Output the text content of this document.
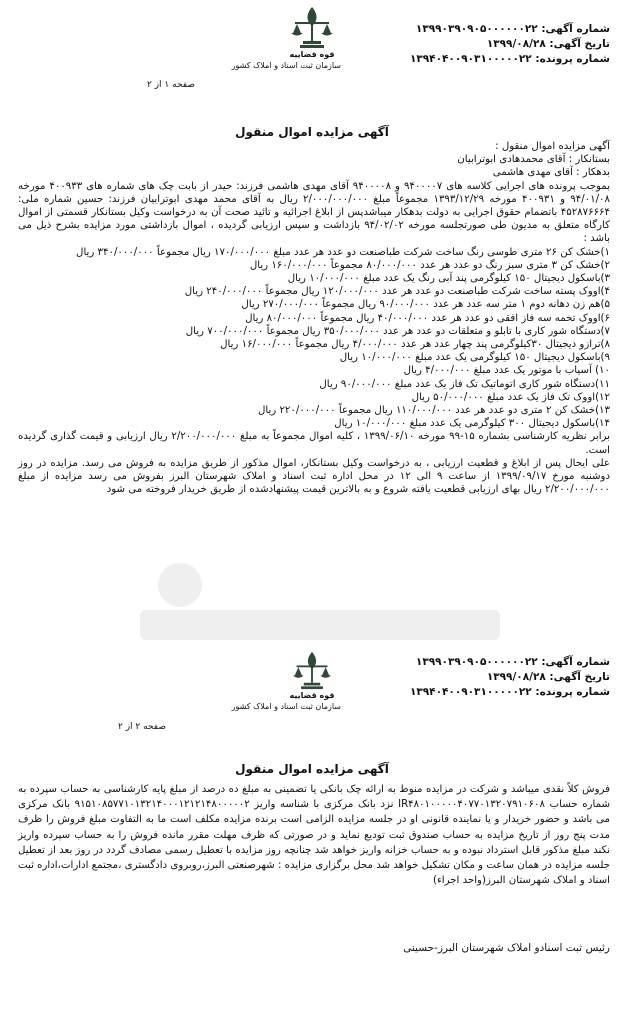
شماره آگهی: ۱۳۹۹۰۳۹۰۹۰۵۰۰۰۰۰۰۲۲
تاریخ آگهی: ۱۳۹۹/۰۸/۲۸
شماره پرونده: ۱۳۹۴۰۴۰۰۹۰۳۱۰۰۰۰۰۲۲
قوه قضاییه
سازمان ثبت اسناد و املاک کشور
صفحه ۱ از ۲
آگهی مزایده اموال منقول

آگهی مزایده اموال منقول :

بستانکار : آقای محمدهادی ابوترابیان

بدهکار : آقای مهدی هاشمی

بموجب پرونده های اجرایی کلاسه های ۹۴۰۰۰۰۷ و ۹۴۰۰۰۰۸ آقای مهدی هاشمی فرزند: حیدر از بابت چک های شماره های ۴۰۰۹۳۳ مورخه ۹۴/۰۱/۰۸ و ۴۰۰۹۳۱ مورخه ۱۳۹۳/۱۲/۲۹ مجموعاً مبلغ ۲/۰۰۰/۰۰۰/۰۰۰ ریال به آقای محمد مهدی ابوترابیان فرزند: حسین شماره ملی: ۴۵۲۸۷۶۶۶۴ باتضمام حقوق اجرایی به دولت بدهکار میباشدپس از ابلاغ اجرائیه و تائید صحت آن به درخواست وکیل بستانکار قسمتی از اموال کارگاه متعلق به مدیون طی صورتجلسه مورخه ۹۴/۰۲/۰۲ بازداشت و سپس ارزیابی گردیده ، اموال بازداشتی مورد مزایده بشرح ذیل می باشد :

۱)خشک کن ۲۶ متری طوسی رنگ ساخت شرکت طباصنعت دو عدد هر عدد مبلغ ۱۷۰/۰۰۰/۰۰۰ ریال مجموعاً ۳۴۰/۰۰۰/۰۰۰ ریال
۲)خشک کن ۳ متری سبز رنگ دو عدد هر عدد ۸۰/۰۰۰/۰۰۰ مجموعاً ۱۶۰/۰۰۰/۰۰۰ ریال
۳)باسکول دیجیتال ۱۵۰ کیلوگرمی پند آبی رنگ یک عدد مبلغ ۱۰/۰۰۰/۰۰۰ ریال
۴)اووک پسته ساخت شرکت طباصنعت دو عدد هر عدد ۱۲۰/۰۰۰/۰۰۰ ریال مجموعاً ۲۴۰/۰۰۰/۰۰۰ ریال
۵)هم زن دهانه دوم ۱ متر سه عدد هر عدد ۹۰/۰۰۰/۰۰۰ ریال مجموعاً ۲۷۰/۰۰۰/۰۰۰ ریال
۶)اووک تخمه سه فاز افقی دو عدد هر عدد ۴۰/۰۰۰/۰۰۰ ریال مجموعاً ۸۰/۰۰۰/۰۰۰ ریال
۷)دستگاه شور کاری با تابلو و متعلقات دو عدد هر عدد ۳۵۰/۰۰۰/۰۰۰ ریال مجموعاً ۷۰۰/۰۰۰/۰۰۰ ریال
۸)ترازو دیجیتال ۳۰کیلوگرمی پند چهار عدد هر عدد ۴/۰۰۰/۰۰۰ ریال مجموعاً ۱۶/۰۰۰/۰۰۰ ریال
۹)باسکول دیجیتال ۱۵۰ کیلوگرمی یک عدد مبلغ ۱۰/۰۰۰/۰۰۰ ریال
۱۰) آسیاب با موتور یک عدد مبلغ ۴/۰۰۰/۰۰۰ ریال
۱۱)دستگاه شور کاری اتوماتیک تک فاز یک عدد مبلغ ۹۰/۰۰۰/۰۰۰ ریال
۱۲)اووک تک فاز یک عدد مبلغ ۵۰/۰۰۰/۰۰۰ ریال
۱۳)خشک کن ۲ متری دو عدد هر عدد ۱۱۰/۰۰۰/۰۰۰ ریال مجموعاً ۲۲۰/۰۰۰/۰۰۰ ریال
۱۴)باسکول دیجیتال ۳۰۰ کیلوگرمی یک عدد مبلغ ۱۰/۰۰۰/۰۰۰ ریال

برابر نظریه کارشناسی بشماره ۱۵-۹۹ مورخه ۱۳۹۹/۰۶/۱۰ ، کلیه اموال مجموعاً به مبلغ ۲/۲۰۰/۰۰۰/۰۰۰ ریال ارزیابی و قیمت گذاری گردیده است.

علی ایحال پس از ابلاغ و قطعیت ارزیابی ، به درخواست وکیل بستانکار، اموال مذکور از طریق مزایده به فروش می رسد. مزایده در روز دوشنبه مورخ ۱۳۹۹/۰۹/۱۷ از ساعت ۹ الی ۱۲ در محل اداره ثبت اسناد و املاک شهرستان البرز بفروش می رسد مزایده از مبلغ ۲/۲۰۰/۰۰۰/۰۰۰ ریال بهای ارزیابی قطعیت یافته شروع و به بالاترین قیمت پیشنهادشده از طریق خریدار فروخته می شود

شماره آگهی: ۱۳۹۹۰۳۹۰۹۰۵۰۰۰۰۰۰۲۲
تاریخ آگهی: ۱۳۹۹/۰۸/۲۸
شماره پرونده: ۱۳۹۴۰۴۰۰۹۰۳۱۰۰۰۰۰۲۲
قوه قضاییه
سازمان ثبت اسناد و املاک کشور
صفحه ۲ از ۲
آگهی مزایده اموال منقول
فروش کلاً نقدی میباشد و شرکت در مزایده منوط به ارائه چک بانکی یا تضمینی به مبلغ ده درصد از مبلغ پایه کارشناسی به حساب سپرده به شماره حساب IR۴۸۰۱۰۰۰۰۰۴۰۷۷۰۱۳۲۰۷۹۱۰۶۰۸ نزد بانک مرکزی با شناسه واریز ۹۱۵۱۰۸۵۷۷۱۰۱۳۲۱۴۰۰۰۱۲۱۲۱۴۸۰۰۰۰۰۲ بانک مرکزی می باشد و حضور خریدار و یا نماینده قانونی او در جلسه مزایده الزامی است برنده مزایده مکلف است ما به التفاوت مبلغ فروش را ظرف مدت پنج روز از تاریخ مزایده به حساب صندوق ثبت تودیع نماید و در صورتی که ظرف مهلت مقرر مانده فروش را به حساب سپرده واریز نکند مبلغ مذکور قابل استرداد نبوده و به حساب خزانه واریز خواهد شد چنانچه روز مزایده با تعطیل رسمی مصادف گردد در روز بعد از تعطیل جلسه مزایده در همان ساعت و مکان تشکیل خواهد شد محل برگزاری مزایده : شهرصنعتی البرز،روبروی دادگستری ،مجتمع ادارات،اداره ثبت اسناد و املاک شهرستان البرز(واحد اجراء)
رئیس ثبت اسنادو املاک شهرستان البرز-حسینی
